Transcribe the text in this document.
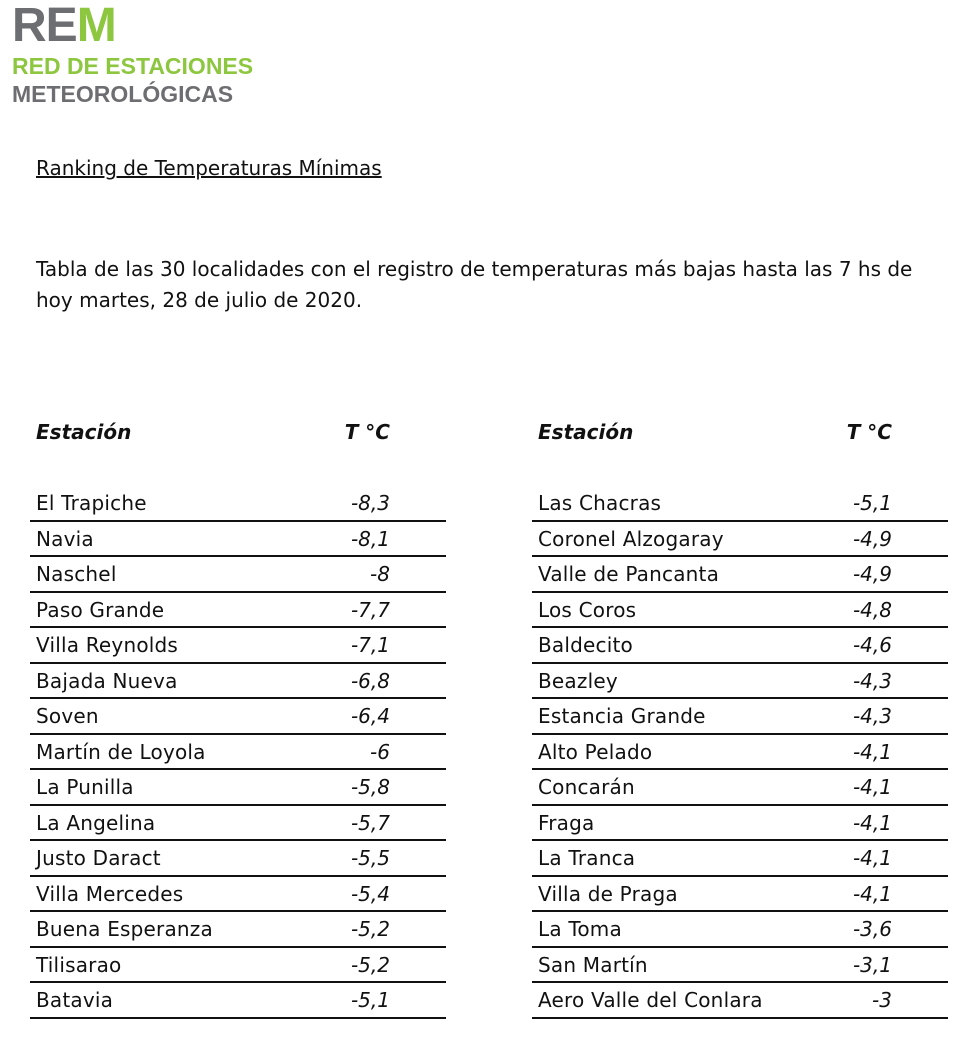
REM
RED DE ESTACIONES
METEOROLÓGICAS
Ranking de Temperaturas Mínimas
Tabla de las 30 localidades con el registro de temperaturas más bajas hasta las 7 hs de hoy martes, 28 de julio de 2020.
Estación	T °C
El Trapiche	-8,3
Navia	-8,1
Naschel	-8
Paso Grande	-7,7
Villa Reynolds	-7,1
Bajada Nueva	-6,8
Soven	-6,4
Martín de Loyola	-6
La Punilla	-5,8
La Angelina	-5,7
Justo Daract	-5,5
Villa Mercedes	-5,4
Buena Esperanza	-5,2
Tilisarao	-5,2
Batavia	-5,1
Estación	T °C
Las Chacras	-5,1
Coronel Alzogaray	-4,9
Valle de Pancanta	-4,9
Los Coros	-4,8
Baldecito	-4,6
Beazley	-4,3
Estancia Grande	-4,3
Alto Pelado	-4,1
Concarán	-4,1
Fraga	-4,1
La Tranca	-4,1
Villa de Praga	-4,1
La Toma	-3,6
San Martín	-3,1
Aero Valle del Conlara	-3
